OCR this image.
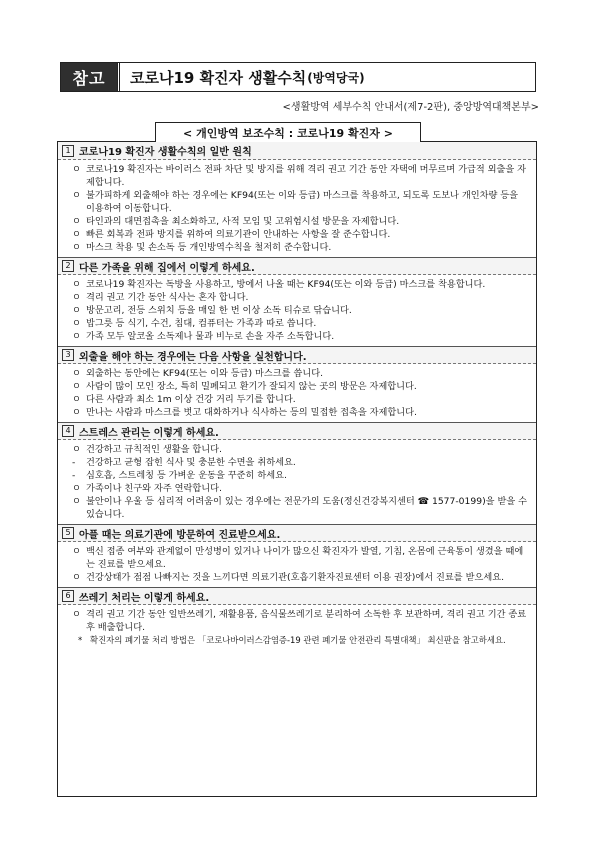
참고	코로나19 확진자 생활수칙 (방역당국)
<생활방역 세부수칙 안내서(제7-2판), 중앙방역대책본부>
< 개인방역 보조수칙 : 코로나19 확진자 >
1 코로나19 확진자 생활수칙의 일반 원칙
ㅇ 코로나19 확진자는 바이러스 전파 차단 및 방지를 위해 격리 권고 기간 동안 자택에 머무르며 가급적 외출을 자제합니다.
ㅇ 불가피하게 외출해야 하는 경우에는 KF94(또는 이와 등급) 마스크를 착용하고, 되도록 도보나 개인차량 등을 이용하여 이동합니다.
ㅇ 타인과의 대면접촉을 최소화하고, 사적 모임 및 고위험시설 방문을 자제합니다.
ㅇ 빠른 회복과 전파 방지를 위하여 의료기관이 안내하는 사항을 잘 준수합니다.
ㅇ 마스크 착용 및 손소독 등 개인방역수칙을 철저히 준수합니다.
2 다른 가족을 위해 집에서 이렇게 하세요.
ㅇ 코로나19 확진자는 독방을 사용하고, 방에서 나올 때는 KF94(또는 이와 등급) 마스크를 착용합니다.
ㅇ 격리 권고 기간 동안 식사는 혼자 합니다.
ㅇ 방문고리, 전등 스위치 등을 매일 한 번 이상 소독 티슈로 닦습니다.
ㅇ 밥그릇 등 식기, 수건, 침대, 컴퓨터는 가족과 따로 씁니다.
ㅇ 가족 모두 알코올 소독제나 물과 비누로 손을 자주 소독합니다.
3 외출을 해야 하는 경우에는 다음 사항을 실천합니다.
ㅇ 외출하는 동안에는 KF94(또는 이와 등급) 마스크를 씁니다.
ㅇ 사람이 많이 모인 장소, 특히 밀폐되고 환기가 잘되지 않는 곳의 방문은 자제합니다.
ㅇ 다른 사람과 최소 1m 이상 건강 거리 두기를 합니다.
ㅇ 만나는 사람과 마스크를 벗고 대화하거나 식사하는 등의 밀접한 접촉을 자제합니다.
4 스트레스 관리는 이렇게 하세요.
ㅇ 건강하고 규칙적인 생활을 합니다.
-	건강하고 균형 잡힌 식사 및 충분한 수면을 취하세요.
-	심호흡, 스트레칭 등 가벼운 운동을 꾸준히 하세요.
ㅇ 가족이나 친구와 자주 연락합니다.
ㅇ 불안이나 우울 등 심리적 어려움이 있는 경우에는 전문가의 도움(정신건강복지센터 ☎ 1577-0199)을 받을 수 있습니다.
5 아플 때는 의료기관에 방문하여 진료받으세요.
ㅇ 백신 접종 여부와 관계없이 만성병이 있거나 나이가 많으신 확진자가 발열, 기침, 온몸에 근육통이 생겼을 때에는 진료를 받으세요.
ㅇ 건강상태가 점점 나빠지는 것을 느끼다면 의료기관(호흡기환자진료센터 이용 권장)에서 진료를 받으세요.
6 쓰레기 처리는 이렇게 하세요.
ㅇ 격리 권고 기간 동안 일반쓰레기, 재활용품, 음식물쓰레기로 분리하여 소독한 후 보관하며, 격리 권고 기간 종료 후 배출합니다.
* 확진자의 폐기물 처리 방법은 「코로나바이러스감염증-19 관련 폐기물 안전관리 특별대책」 최신판을 참고하세요.
